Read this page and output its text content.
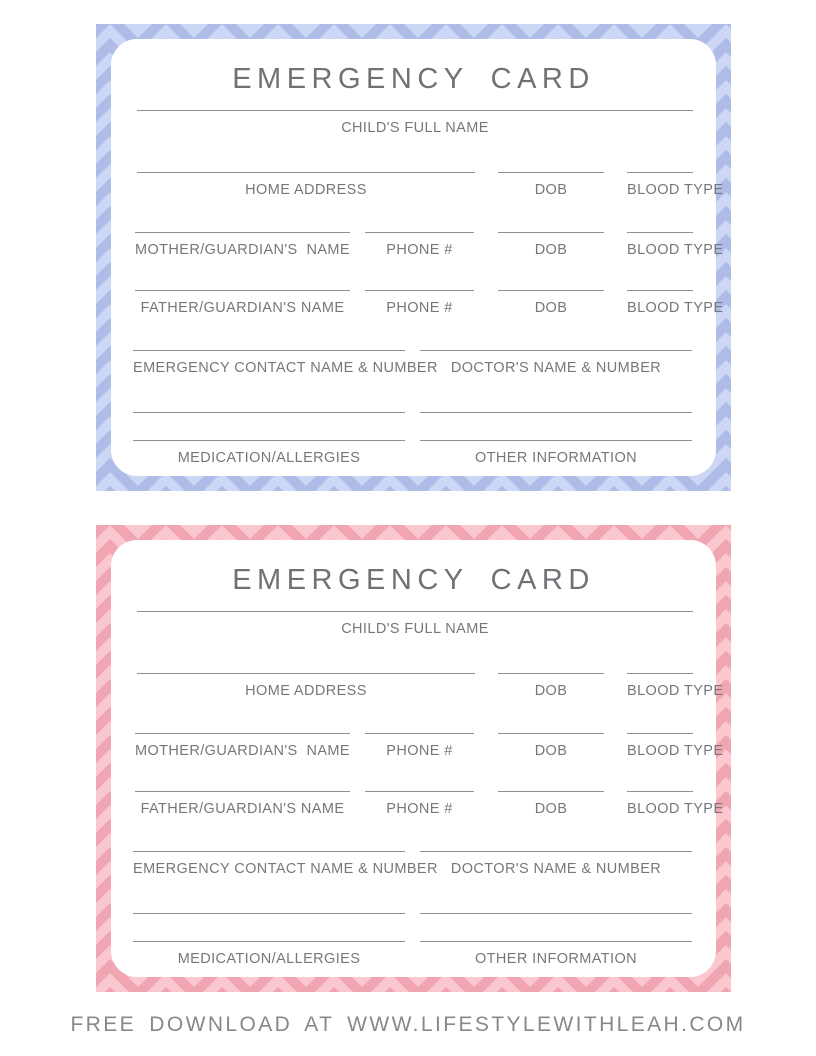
EMERGENCY CARD
CHILD'S FULL NAME
HOME ADDRESS	DOB	BLOOD TYPE
MOTHER/GUARDIAN'S  NAME	PHONE #	DOB	BLOOD TYPE
FATHER/GUARDIAN'S NAME	PHONE #	DOB	BLOOD TYPE
EMERGENCY CONTACT NAME & NUMBER DOCTOR'S NAME & NUMBER
MEDICATION/ALLERGIES	OTHER INFORMATION
EMERGENCY CARD
CHILD'S FULL NAME
HOME ADDRESS	DOB	BLOOD TYPE
MOTHER/GUARDIAN'S  NAME	PHONE #	DOB	BLOOD TYPE
FATHER/GUARDIAN'S NAME	PHONE #	DOB	BLOOD TYPE
EMERGENCY CONTACT NAME & NUMBER DOCTOR'S NAME & NUMBER
MEDICATION/ALLERGIES	OTHER INFORMATION
FREE DOWNLOAD AT WWW.LIFESTYLEWITHLEAH.COM
